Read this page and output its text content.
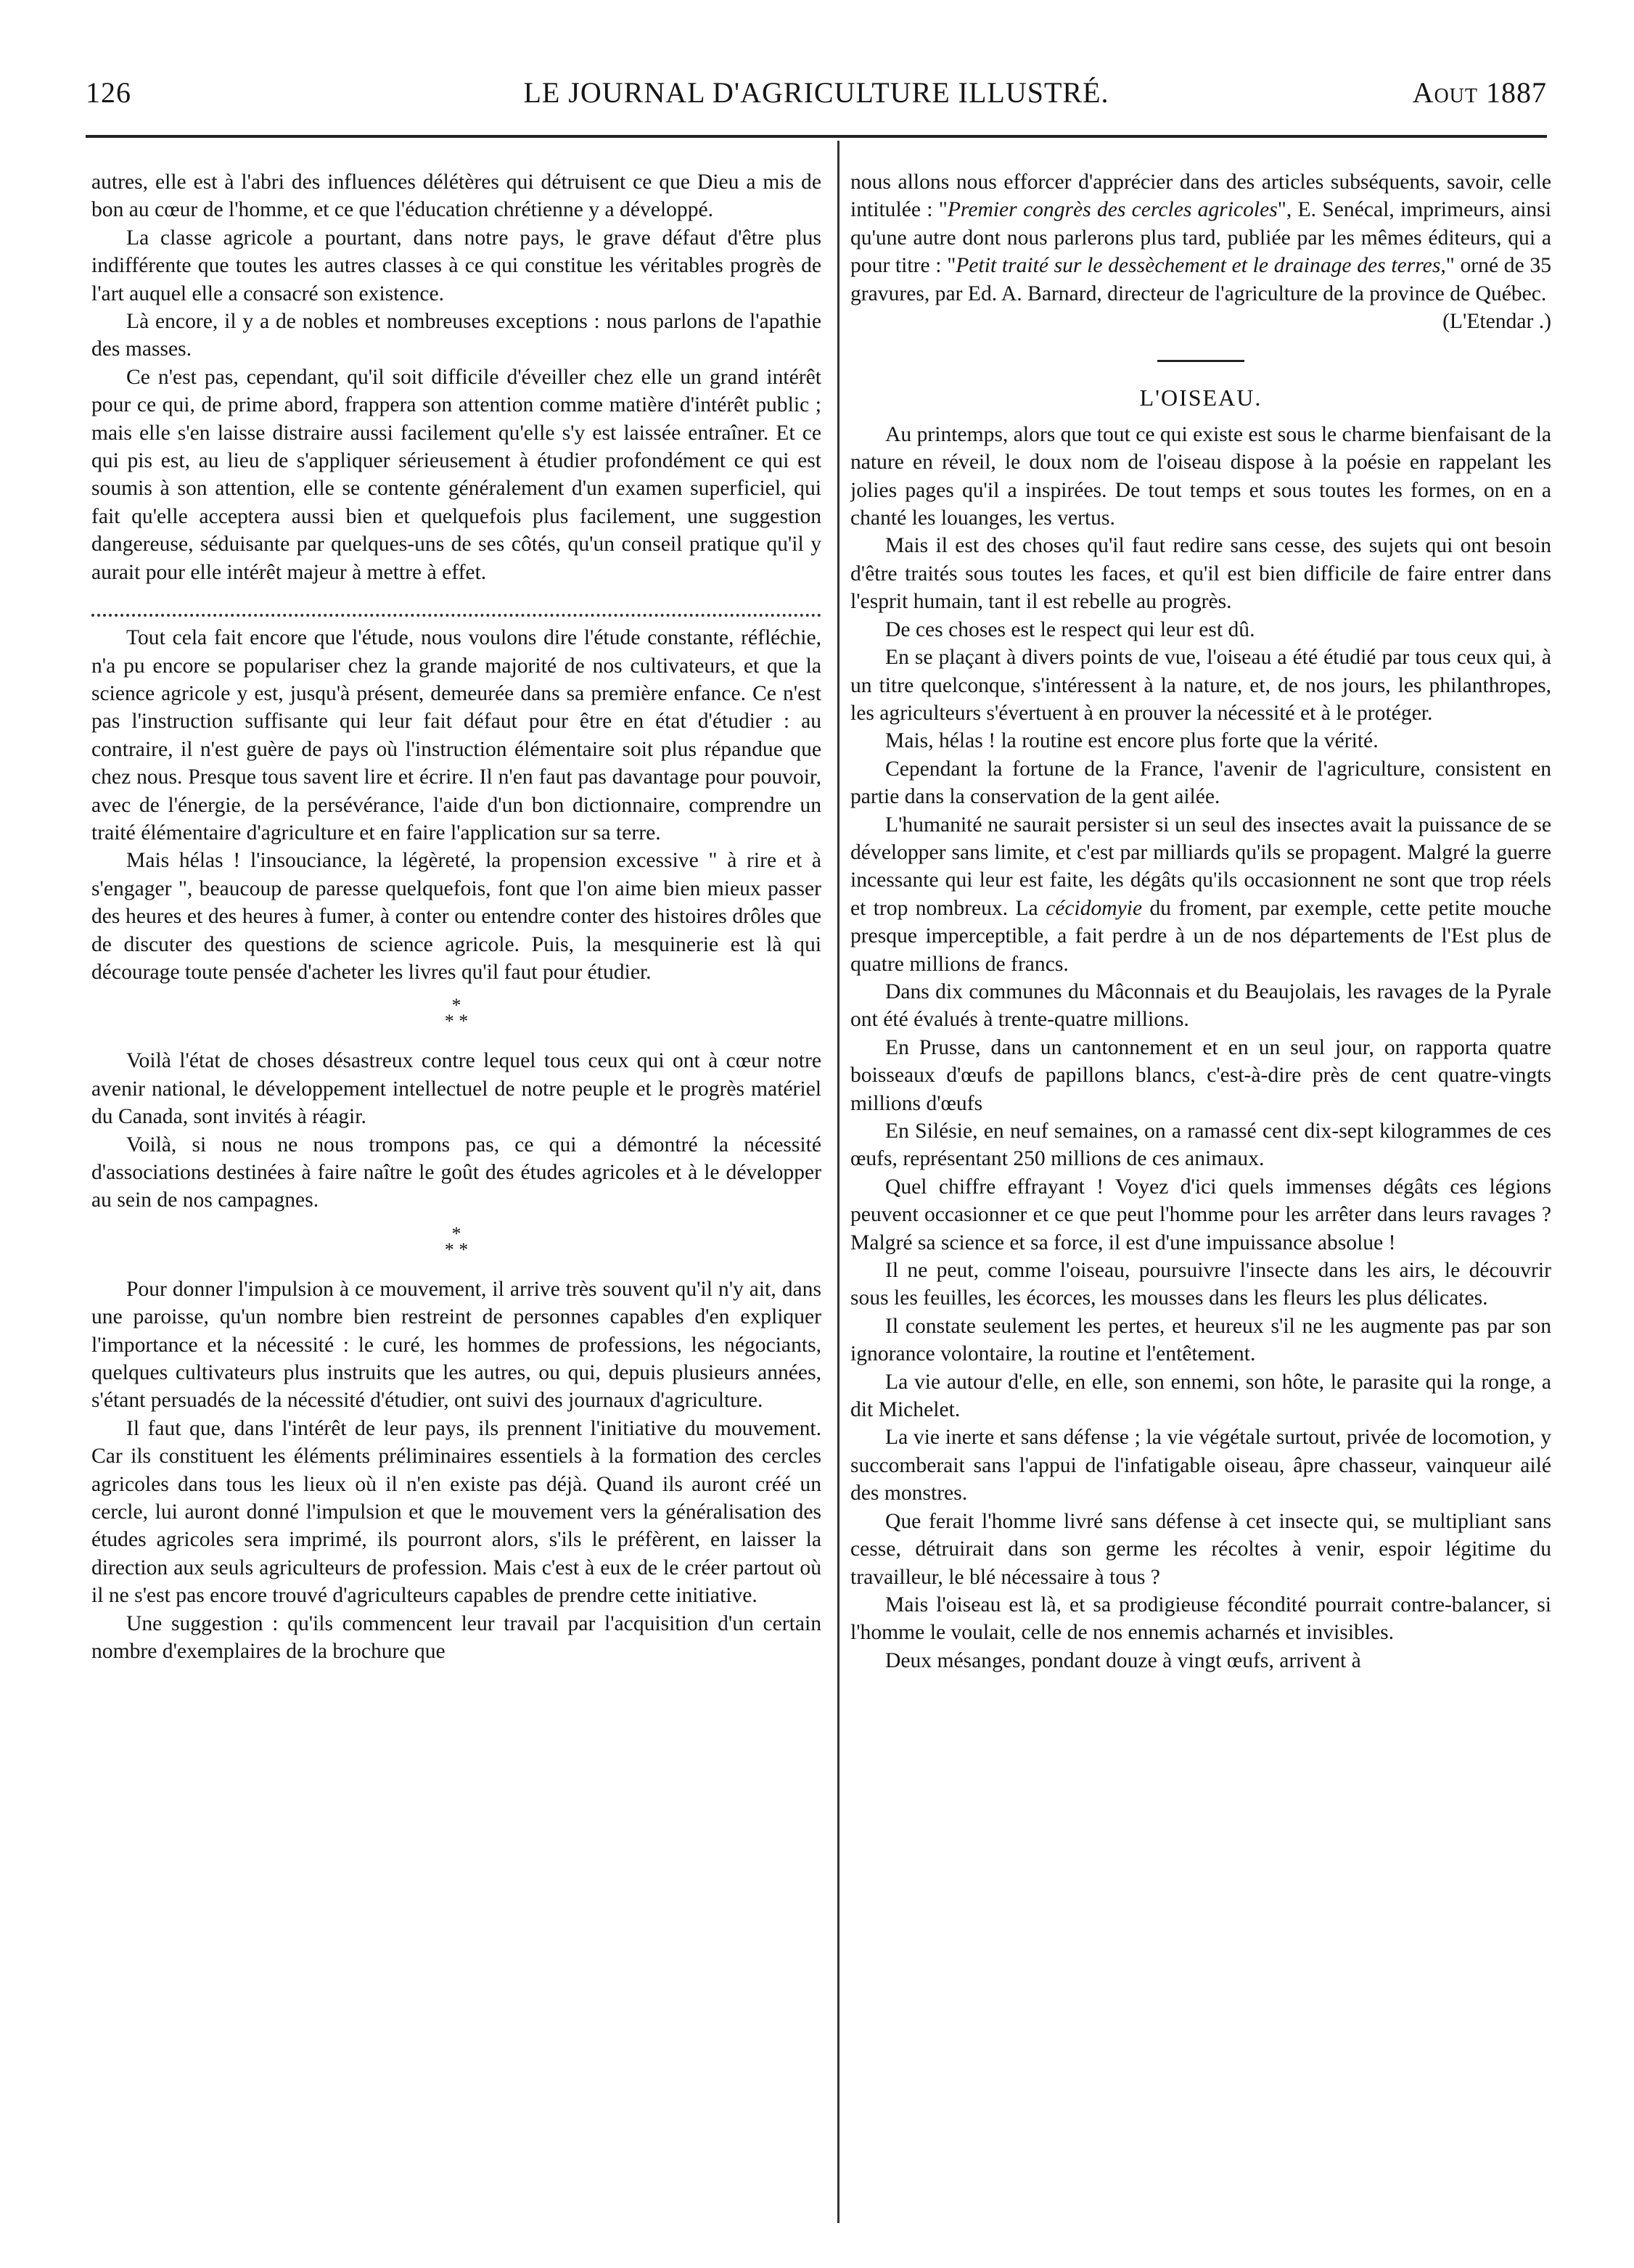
126	LE JOURNAL D'AGRICULTURE ILLUSTRÉ.	Aout 1887

autres, elle est à l'abri des influences délétères qui détruisent ce que Dieu a mis de bon au cœur de l'homme, et ce que l'éducation chrétienne y a développé.

La classe agricole a pourtant, dans notre pays, le grave défaut d'être plus indifférente que toutes les autres classes à ce qui constitue les véritables progrès de l'art auquel elle a consacré son existence.

Là encore, il y a de nobles et nombreuses exceptions : nous parlons de l'apathie des masses.

Ce n'est pas, cependant, qu'il soit difficile d'éveiller chez elle un grand intérêt pour ce qui, de prime abord, frappera son attention comme matière d'intérêt public ; mais elle s'en laisse distraire aussi facilement qu'elle s'y est laissée entraîner. Et ce qui pis est, au lieu de s'appliquer sérieusement à étudier profondément ce qui est soumis à son attention, elle se contente généralement d'un examen superficiel, qui fait qu'elle acceptera aussi bien et quelquefois plus facilement, une suggestion dangereuse, séduisante par quelques-uns de ses côtés, qu'un conseil pratique qu'il y aurait pour elle intérêt majeur à mettre à effet.

Tout cela fait encore que l'étude, nous voulons dire l'étude constante, réfléchie, n'a pu encore se populariser chez la grande majorité de nos cultivateurs, et que la science agricole y est, jusqu'à présent, demeurée dans sa première enfance. Ce n'est pas l'instruction suffisante qui leur fait défaut pour être en état d'étudier : au contraire, il n'est guère de pays où l'instruction élémentaire soit plus répandue que chez nous. Presque tous savent lire et écrire. Il n'en faut pas davantage pour pouvoir, avec de l'énergie, de la persévérance, l'aide d'un bon dictionnaire, comprendre un traité élémentaire d'agriculture et en faire l'application sur sa terre.

Mais hélas ! l'insouciance, la légèreté, la propension excessive " à rire et à s'engager ", beaucoup de paresse quelquefois, font que l'on aime bien mieux passer des heures et des heures à fumer, à conter ou entendre conter des histoires drôles que de discuter des questions de science agricole. Puis, la mesquinerie est là qui décourage toute pensée d'acheter les livres qu'il faut pour étudier.

*
* *

Voilà l'état de choses désastreux contre lequel tous ceux qui ont à cœur notre avenir national, le développement intellectuel de notre peuple et le progrès matériel du Canada, sont invités à réagir.

Voilà, si nous ne nous trompons pas, ce qui a démontré la nécessité d'associations destinées à faire naître le goût des études agricoles et à le développer au sein de nos campagnes.

*
* *

Pour donner l'impulsion à ce mouvement, il arrive très souvent qu'il n'y ait, dans une paroisse, qu'un nombre bien restreint de personnes capables d'en expliquer l'importance et la nécessité : le curé, les hommes de professions, les négociants, quelques cultivateurs plus instruits que les autres, ou qui, depuis plusieurs années, s'étant persuadés de la nécessité d'étudier, ont suivi des journaux d'agriculture.

Il faut que, dans l'intérêt de leur pays, ils prennent l'initiative du mouvement. Car ils constituent les éléments préliminaires essentiels à la formation des cercles agricoles dans tous les lieux où il n'en existe pas déjà. Quand ils auront créé un cercle, lui auront donné l'impulsion et que le mouvement vers la généralisation des études agricoles sera imprimé, ils pourront alors, s'ils le préfèrent, en laisser la direction aux seuls agriculteurs de profession. Mais c'est à eux de le créer partout où il ne s'est pas encore trouvé d'agriculteurs capables de prendre cette initiative.

Une suggestion : qu'ils commencent leur travail par l'acquisition d'un certain nombre d'exemplaires de la brochure que

nous allons nous efforcer d'apprécier dans des articles subséquents, savoir, celle intitulée : "Premier congrès des cercles agricoles", E. Senécal, imprimeurs, ainsi qu'une autre dont nous parlerons plus tard, publiée par les mêmes éditeurs, qui a pour titre : "Petit traité sur le dessèchement et le drainage des terres," orné de 35 gravures, par Ed. A. Barnard, directeur de l'agriculture de la province de Québec.

(L'Etendar .)

L'OISEAU.

Au printemps, alors que tout ce qui existe est sous le charme bienfaisant de la nature en réveil, le doux nom de l'oiseau dispose à la poésie en rappelant les jolies pages qu'il a inspirées. De tout temps et sous toutes les formes, on en a chanté les louanges, les vertus.

Mais il est des choses qu'il faut redire sans cesse, des sujets qui ont besoin d'être traités sous toutes les faces, et qu'il est bien difficile de faire entrer dans l'esprit humain, tant il est rebelle au progrès.

De ces choses est le respect qui leur est dû.

En se plaçant à divers points de vue, l'oiseau a été étudié par tous ceux qui, à un titre quelconque, s'intéressent à la nature, et, de nos jours, les philanthropes, les agriculteurs s'évertuent à en prouver la nécessité et à le protéger.

Mais, hélas ! la routine est encore plus forte que la vérité.

Cependant la fortune de la France, l'avenir de l'agriculture, consistent en partie dans la conservation de la gent ailée.

L'humanité ne saurait persister si un seul des insectes avait la puissance de se développer sans limite, et c'est par milliards qu'ils se propagent. Malgré la guerre incessante qui leur est faite, les dégâts qu'ils occasionnent ne sont que trop réels et trop nombreux. La cécidomyie du froment, par exemple, cette petite mouche presque imperceptible, a fait perdre à un de nos départements de l'Est plus de quatre millions de francs.

Dans dix communes du Mâconnais et du Beaujolais, les ravages de la Pyrale ont été évalués à trente-quatre millions.

En Prusse, dans un cantonnement et en un seul jour, on rapporta quatre boisseaux d'œufs de papillons blancs, c'est-à-dire près de cent quatre-vingts millions d'œufs

En Silésie, en neuf semaines, on a ramassé cent dix-sept kilogrammes de ces œufs, représentant 250 millions de ces animaux.

Quel chiffre effrayant ! Voyez d'ici quels immenses dégâts ces légions peuvent occasionner et ce que peut l'homme pour les arrêter dans leurs ravages ? Malgré sa science et sa force, il est d'une impuissance absolue !

Il ne peut, comme l'oiseau, poursuivre l'insecte dans les airs, le découvrir sous les feuilles, les écorces, les mousses dans les fleurs les plus délicates.

Il constate seulement les pertes, et heureux s'il ne les augmente pas par son ignorance volontaire, la routine et l'entêtement.

La vie autour d'elle, en elle, son ennemi, son hôte, le parasite qui la ronge, a dit Michelet.

La vie inerte et sans défense ; la vie végétale surtout, privée de locomotion, y succomberait sans l'appui de l'infatigable oiseau, âpre chasseur, vainqueur ailé des monstres.

Que ferait l'homme livré sans défense à cet insecte qui, se multipliant sans cesse, détruirait dans son germe les récoltes à venir, espoir légitime du travailleur, le blé nécessaire à tous ?

Mais l'oiseau est là, et sa prodigieuse fécondité pourrait contre-balancer, si l'homme le voulait, celle de nos ennemis acharnés et invisibles.

Deux mésanges, pondant douze à vingt œufs, arrivent à
